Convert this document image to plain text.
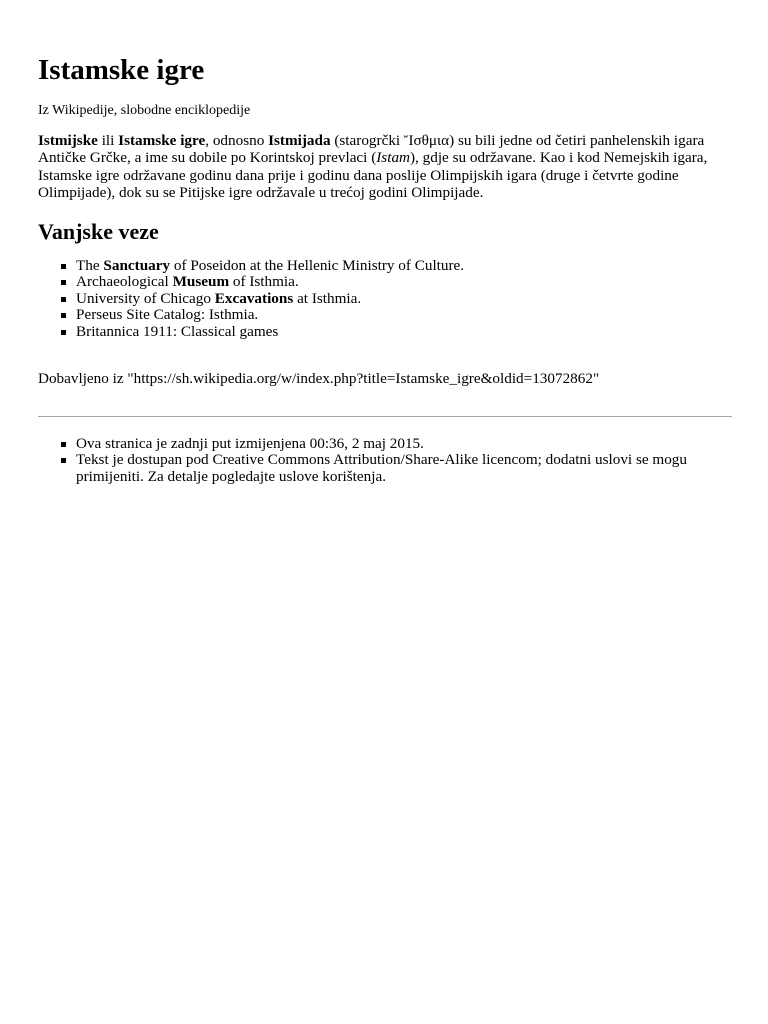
Istamske igre
Iz Wikipedije, slobodne enciklopedije

Istmijske ili Istamske igre, odnosno Istmijada (starogrčki Ἴσθμια) su bili jedne od četiri panhelenskih igara Antičke Grčke, a ime su dobile po Korintskoj prevlaci (Istam), gdje su održavane. Kao i kod Nemejskih igara, Istamske igre održavane godinu dana prije i godinu dana poslije Olimpijskih igara (druge i četvrte godine Olimpijade), dok su se Pitijske igre održavale u trećoj godini Olimpijade.

Vanjske veze
The Sanctuary of Poseidon at the Hellenic Ministry of Culture.
Archaeological Museum of Isthmia.
University of Chicago Excavations at Isthmia.
Perseus Site Catalog: Isthmia.
Britannica 1911: Classical games
Dobavljeno iz "https://sh.wikipedia.org/w/index.php?title=Istamske_igre&oldid=13072862"
Ova stranica je zadnji put izmijenjena 00:36, 2 maj 2015.
Tekst je dostupan pod Creative Commons Attribution/Share-Alike licencom; dodatni uslovi se mogu primijeniti. Za detalje pogledajte uslove korištenja.
